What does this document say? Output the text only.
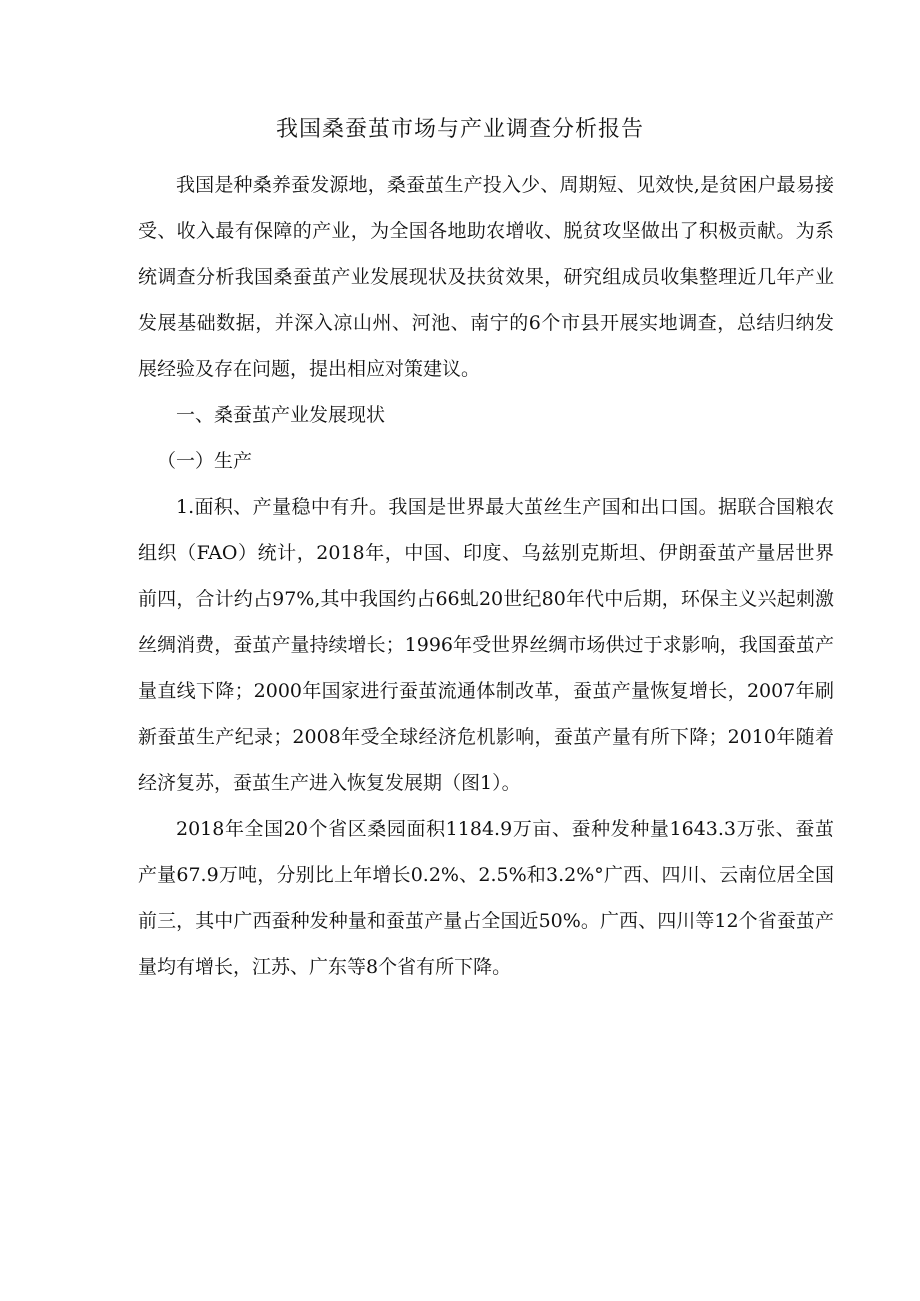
我国桑蚕茧市场与产业调查分析报告

我国是种桑养蚕发源地，桑蚕茧生产投入少、周期短、见效快,是贫困户最易接受、收入最有保障的产业，为全国各地助农增收、脱贫攻坚做出了积极贡献。为系统调查分析我国桑蚕茧产业发展现状及扶贫效果，研究组成员收集整理近几年产业发展基础数据，并深入凉山州、河池、南宁的6个市县开展实地调查，总结归纳发展经验及存在问题，提出相应对策建议。

一、桑蚕茧产业发展现状

（一）生产

1.面积、产量稳中有升。我国是世界最大茧丝生产国和出口国。据联合国粮农组织（FAO）统计，2018年，中国、印度、乌兹别克斯坦、伊朗蚕茧产量居世界前四，合计约占97%,其中我国约占66虬20世纪80年代中后期，环保主义兴起刺激丝绸消费，蚕茧产量持续增长；1996年受世界丝绸市场供过于求影响，我国蚕茧产量直线下降；2000年国家进行蚕茧流通体制改革，蚕茧产量恢复增长，2007年刷新蚕茧生产纪录；2008年受全球经济危机影响，蚕茧产量有所下降；2010年随着经济复苏，蚕茧生产进入恢复发展期（图1）。

2018年全国20个省区桑园面积1184.9万亩、蚕种发种量1643.3万张、蚕茧产量67.9万吨，分别比上年增长0.2%、2.5%和3.2%°广西、四川、云南位居全国前三，其中广西蚕种发种量和蚕茧产量占全国近50%。广西、四川等12个省蚕茧产量均有增长，江苏、广东等8个省有所下降。
